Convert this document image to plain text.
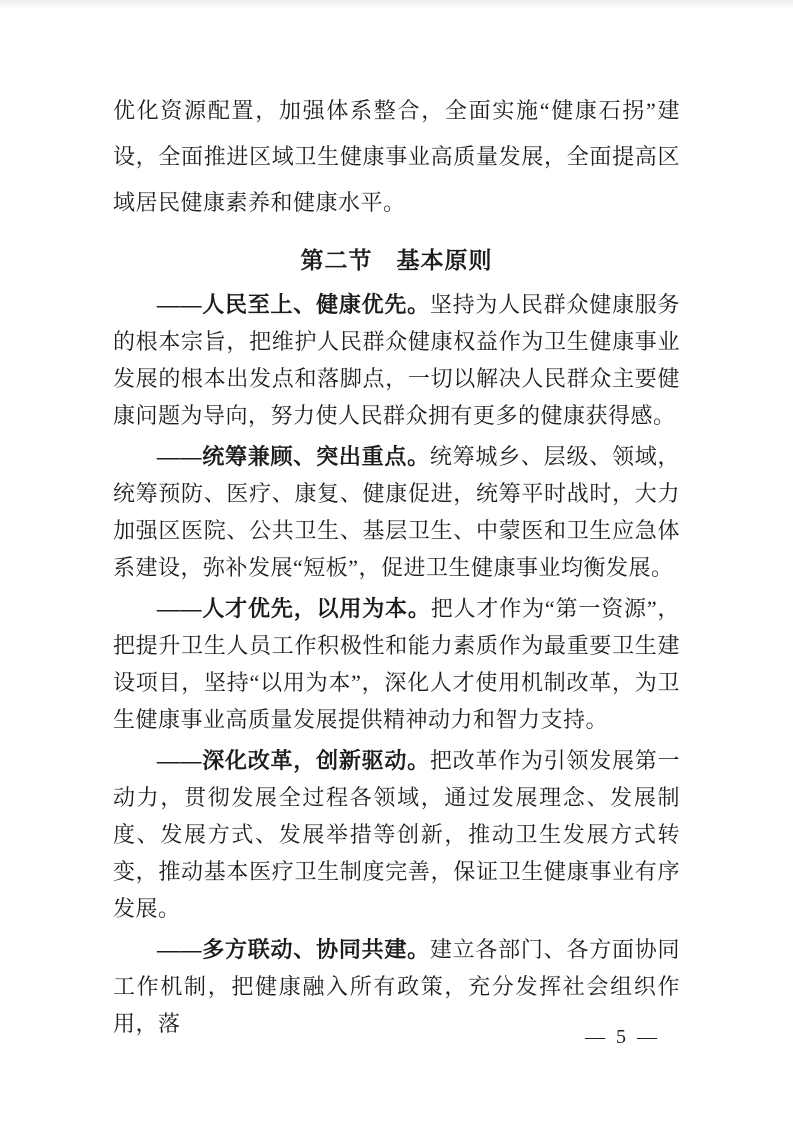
优化资源配置，加强体系整合，全面实施“健康石拐”建设，全面推进区域卫生健康事业高质量发展，全面提高区域居民健康素养和健康水平。

第二节　基本原则

——人民至上、健康优先。坚持为人民群众健康服务的根本宗旨，把维护人民群众健康权益作为卫生健康事业发展的根本出发点和落脚点，一切以解决人民群众主要健康问题为导向，努力使人民群众拥有更多的健康获得感。

——统筹兼顾、突出重点。统筹城乡、层级、领域，统筹预防、医疗、康复、健康促进，统筹平时战时，大力加强区医院、公共卫生、基层卫生、中蒙医和卫生应急体系建设，弥补发展“短板”，促进卫生健康事业均衡发展。

——人才优先，以用为本。把人才作为“第一资源”，把提升卫生人员工作积极性和能力素质作为最重要卫生建设项目，坚持“以用为本”，深化人才使用机制改革，为卫生健康事业高质量发展提供精神动力和智力支持。

——深化改革，创新驱动。把改革作为引领发展第一动力，贯彻发展全过程各领域，通过发展理念、发展制度、发展方式、发展举措等创新，推动卫生发展方式转变，推动基本医疗卫生制度完善，保证卫生健康事业有序发展。

——多方联动、协同共建。建立各部门、各方面协同工作机制，把健康融入所有政策，充分发挥社会组织作用，落

— 5 —
